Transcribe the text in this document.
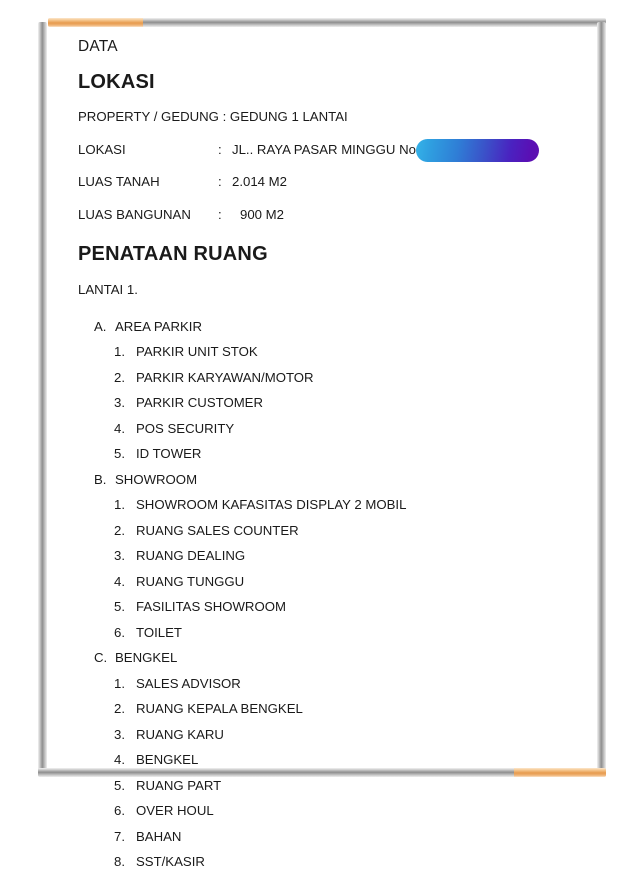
DATA
LOKASI
PROPERTY / GEDUNG : GEDUNG 1 LANTAI
LOKASI	: JL.. RAYA PASAR MINGGU No
LUAS TANAH	: 2.014 M2
LUAS BANGUNAN : 900 M2
PENATAAN RUANG
LANTAI 1.
A. AREA PARKIR
1. PARKIR UNIT STOK
2. PARKIR KARYAWAN/MOTOR
3. PARKIR CUSTOMER
4. POS SECURITY
5. ID TOWER
B. SHOWROOM
1. SHOWROOM KAFASITAS DISPLAY 2 MOBIL
2. RUANG SALES COUNTER
3. RUANG DEALING
4. RUANG TUNGGU
5. FASILITAS SHOWROOM
6. TOILET
C. BENGKEL
1. SALES ADVISOR
2. RUANG KEPALA BENGKEL
3. RUANG KARU
4. BENGKEL
5. RUANG PART
6. OVER HOUL
7. BAHAN
8. SST/KASIR
